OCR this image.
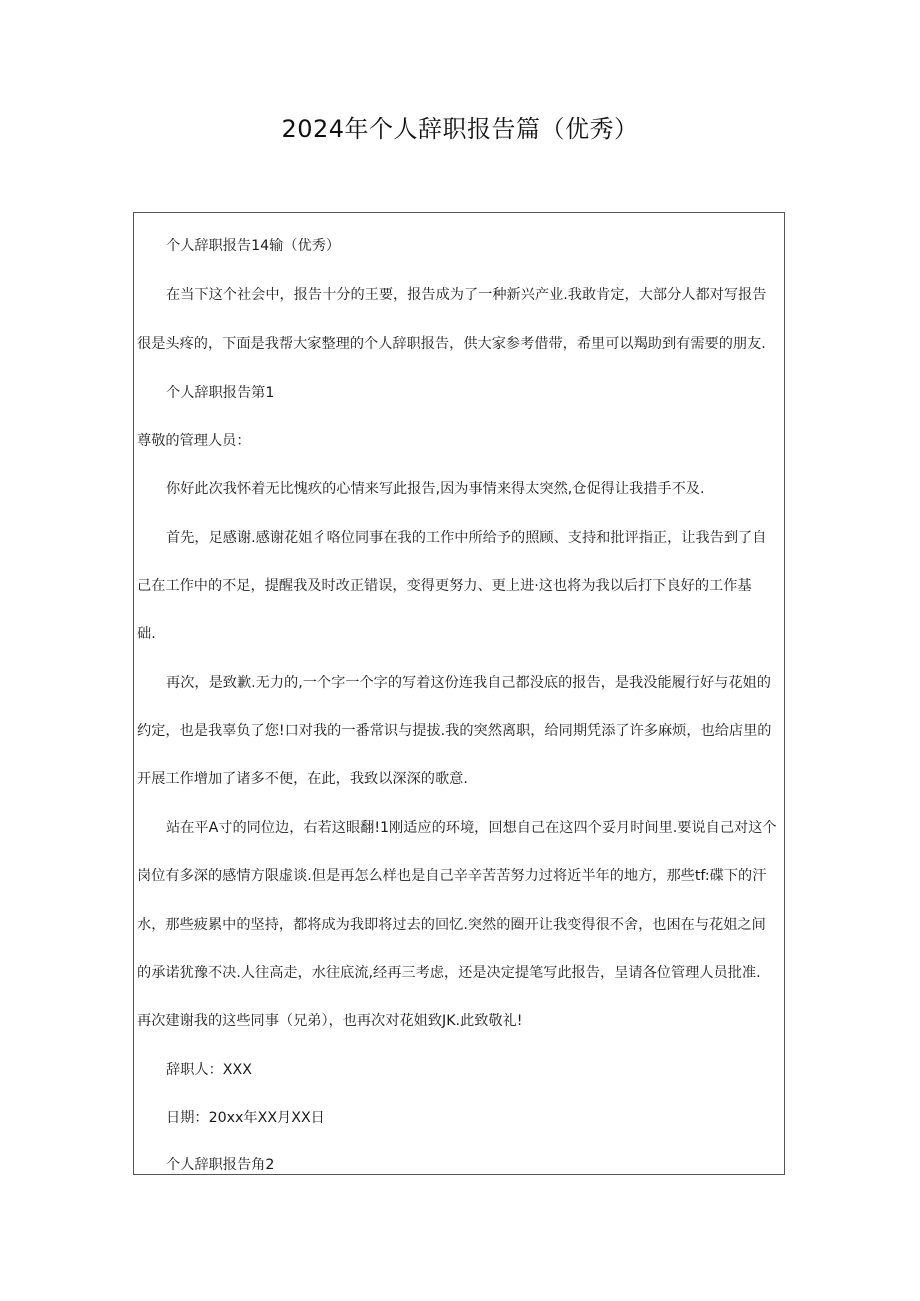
2024年个人辞职报告篇（优秀）
个人辞职报告14输（优秀）
在当下这个社会中，报告十分的王要，报告成为了一种新兴产业.我敢肯定，大部分人都对写报告
很是头疼的，下面是我帮大家整理的个人辞职报告，供大家参考借带，希里可以羯助到有需要的朋友.
个人辞职报告第1
尊敬的管理人员：
你好此次我怀着无比愧疚的心情来写此报告,因为事情来得太突然,仓促得让我措手不及.
首先，足感谢.感谢花姐彳咯位同事在我的工作中所给予的照顾、支持和批评指正，让我告到了自
己在工作中的不足，提醒我及时改正错误，变得更努力、更上进·这也将为我以后打下良好的工作基
础.
再次，是致歉.无力的,一个字一个字的写着这份连我自己都没底的报告，是我没能履行好与花姐的
约定，也是我辜负了您!口对我的一番常识与提拔.我的突然离职，给同期凭添了许多麻烦，也给店里的
开展工作增加了诸多不便，在此，我致以深深的歌意.
站在平A寸的同位边，右若这眼翻!1刚适应的环境，回想自己在这四个妥月时间里.要说自己对这个
岗位有多深的感情方限虚谈.但是再怎么样也是自己辛辛苦苦努力过将近半年的地方，那些tf:碟下的汗
水，那些疲累中的坚持，都将成为我即将过去的回忆.突然的圈开让我变得很不舍，也困在与花姐之间
的承诺犹豫不决.人往高走，水往底流,经再三考虑，还是决定提笔写此报告，呈请各位管理人员批准.
再次建谢我的这些同事（兄弟），也再次对花姐致JK.此致敬礼!
辞职人：XXX
日期：20xx年XX月XX日
个人辞职报告角2
